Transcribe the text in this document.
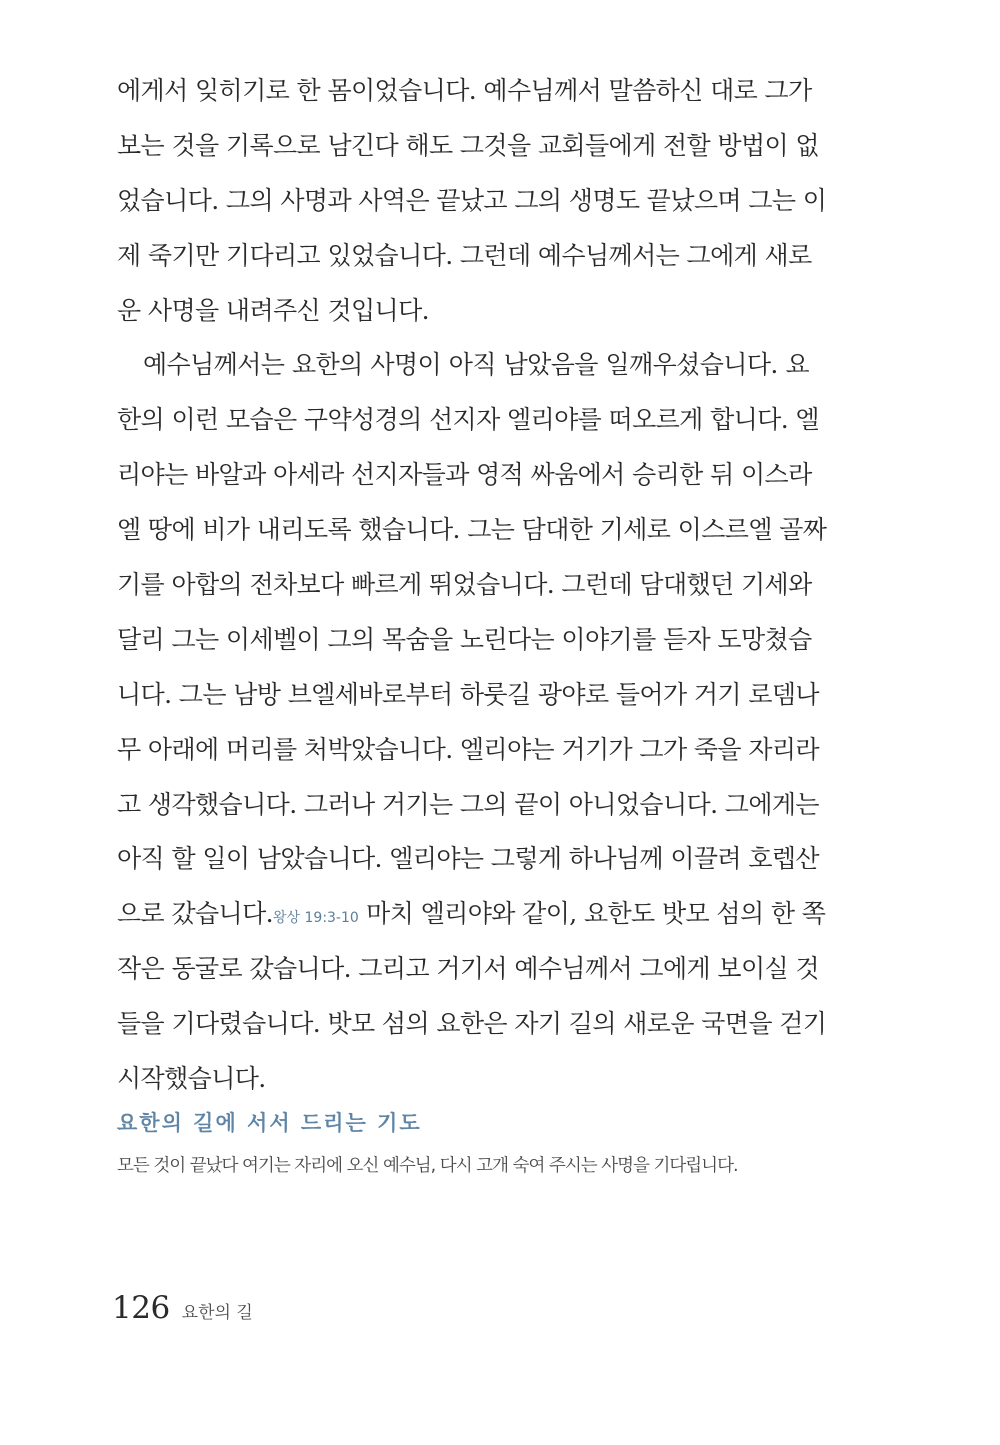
에게서 잊히기로 한 몸이었습니다. 예수님께서 말씀하신 대로 그가
보는 것을 기록으로 남긴다 해도 그것을 교회들에게 전할 방법이 없
었습니다. 그의 사명과 사역은 끝났고 그의 생명도 끝났으며 그는 이
제 죽기만 기다리고 있었습니다. 그런데 예수님께서는 그에게 새로
운 사명을 내려주신 것입니다.
예수님께서는 요한의 사명이 아직 남았음을 일깨우셨습니다. 요
한의 이런 모습은 구약성경의 선지자 엘리야를 떠오르게 합니다. 엘
리야는 바알과 아세라 선지자들과 영적 싸움에서 승리한 뒤 이스라
엘 땅에 비가 내리도록 했습니다. 그는 담대한 기세로 이스르엘 골짜
기를 아합의 전차보다 빠르게 뛰었습니다. 그런데 담대했던 기세와
달리 그는 이세벨이 그의 목숨을 노린다는 이야기를 듣자 도망쳤습
니다. 그는 남방 브엘세바로부터 하룻길 광야로 들어가 거기 로뎀나
무 아래에 머리를 처박았습니다. 엘리야는 거기가 그가 죽을 자리라
고 생각했습니다. 그러나 거기는 그의 끝이 아니었습니다. 그에게는
아직 할 일이 남았습니다. 엘리야는 그렇게 하나님께 이끌려 호렙산
으로 갔습니다.왕상 19:3-10 마치 엘리야와 같이, 요한도 밧모 섬의 한 쪽
작은 동굴로 갔습니다. 그리고 거기서 예수님께서 그에게 보이실 것
들을 기다렸습니다. 밧모 섬의 요한은 자기 길의 새로운 국면을 걷기
시작했습니다.
요한의 길에 서서 드리는 기도
모든 것이 끝났다 여기는 자리에 오신 예수님, 다시 고개 숙여 주시는 사명을 기다립니다.
126 요한의 길
